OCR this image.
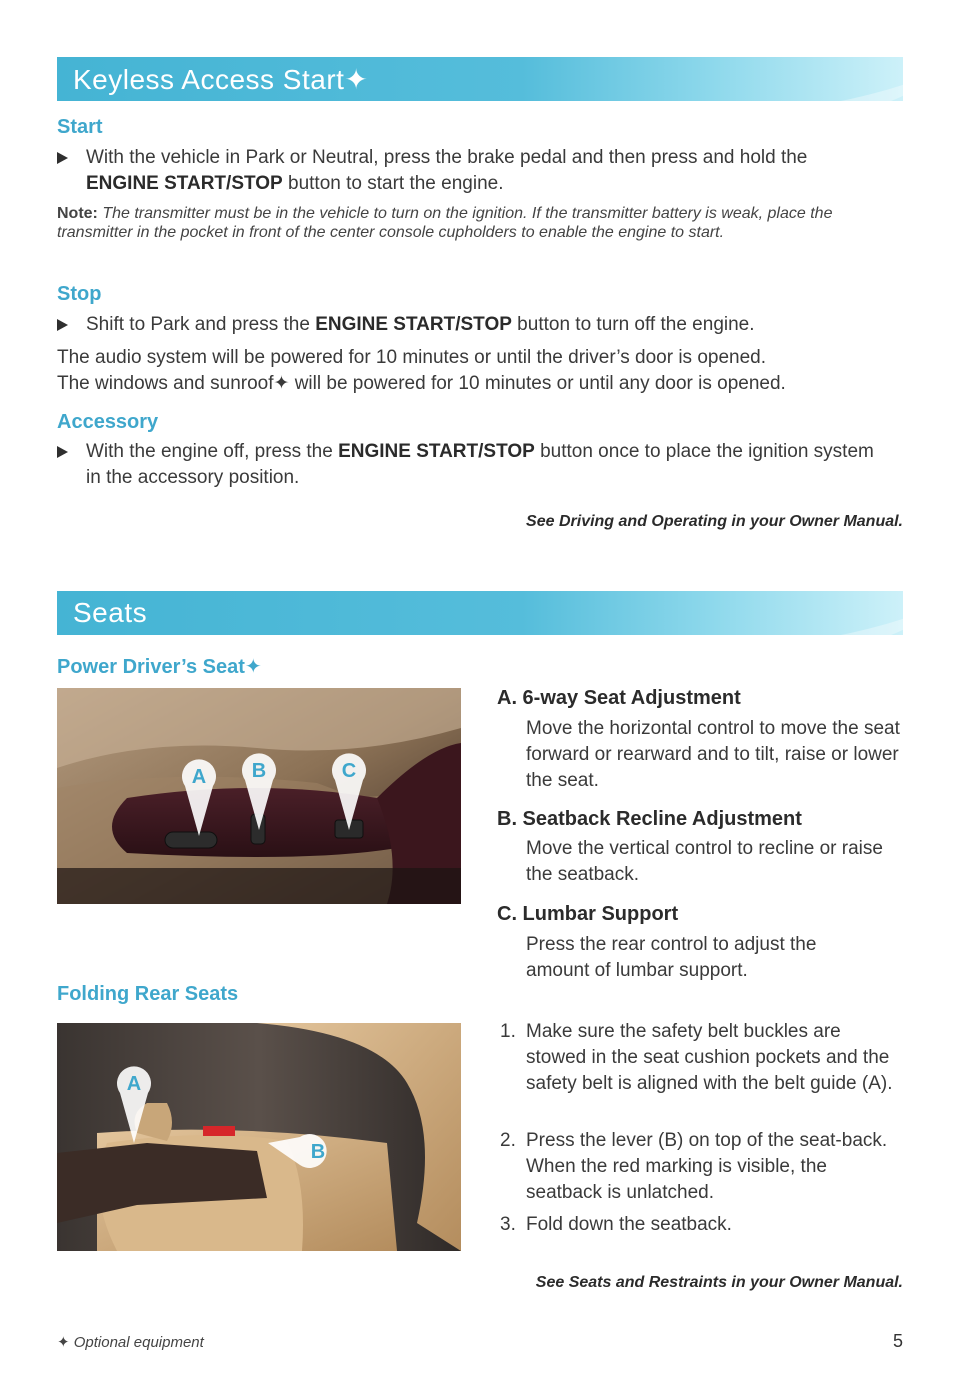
Keyless Access Start✦
Start
With the vehicle in Park or Neutral, press the brake pedal and then press and hold the
ENGINE START/STOP button to start the engine.
Note: The transmitter must be in the vehicle to turn on the ignition. If the transmitter battery is weak, place the transmitter in the pocket in front of the center console cupholders to enable the engine to start.
Stop
Shift to Park and press the ENGINE START/STOP button to turn off the engine.
The audio system will be powered for 10 minutes or until the driver’s door is opened.
The windows and sunroof✦ will be powered for 10 minutes or until any door is opened.
Accessory
With the engine off, press the ENGINE START/STOP button once to place the ignition system in the accessory position.
See Driving and Operating in your Owner Manual.
Seats
Power Driver’s Seat✦
A B	C
A. 6-way Seat Adjustment
Move the horizontal control to move the seat forward or rearward and to tilt, raise or lower the seat.
B. Seatback Recline Adjustment
Move the vertical control to recline or raise the seatback.
C. Lumbar Support
Press the rear control to adjust the amount of lumbar support.
Folding Rear Seats
A
B
1. Make sure the safety belt buckles are stowed in the seat cushion pockets and the safety belt is aligned with the belt guide (A).
2. Press the lever (B) on top of the seat-back. When the red marking is visible, the seatback is unlatched.
3. Fold down the seatback.
See Seats and Restraints in your Owner Manual.
✦ Optional equipment	5
